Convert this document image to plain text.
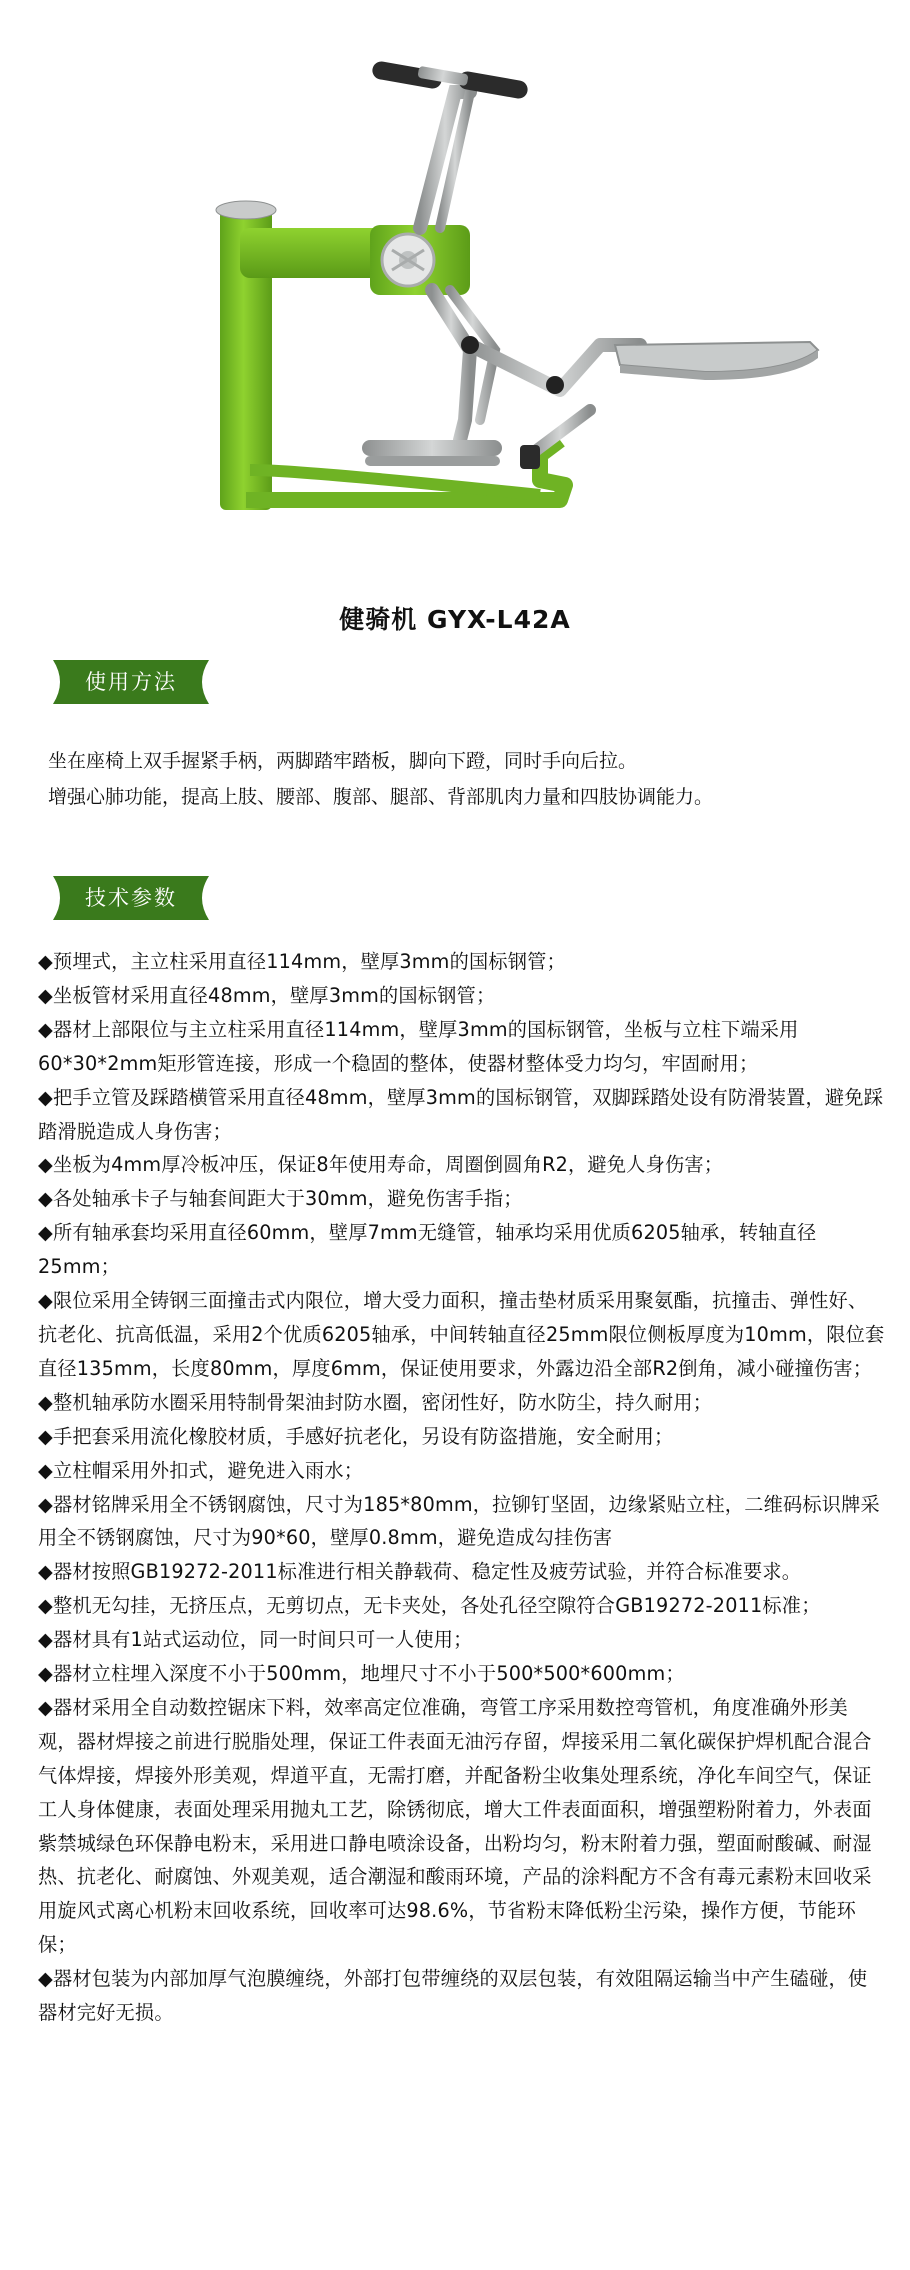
健骑机 GYX-L42A
使用方法

坐在座椅上双手握紧手柄，两脚踏牢踏板，脚向下蹬，同时手向后拉。

增强心肺功能，提高上肢、腰部、腹部、腿部、背部肌肉力量和四肢协调能力。

技术参数

◆预埋式，主立柱采用直径114mm，壁厚3mm的国标钢管；

◆坐板管材采用直径48mm，壁厚3mm的国标钢管；

◆器材上部限位与主立柱采用直径114mm，壁厚3mm的国标钢管，坐板与立柱下端采用60*30*2mm矩形管连接，形成一个稳固的整体，使器材整体受力均匀，牢固耐用；

◆把手立管及踩踏横管采用直径48mm，壁厚3mm的国标钢管，双脚踩踏处设有防滑装置，避免踩踏滑脱造成人身伤害；

◆坐板为4mm厚冷板冲压，保证8年使用寿命，周圈倒圆角R2，避免人身伤害；

◆各处轴承卡子与轴套间距大于30mm，避免伤害手指；

◆所有轴承套均采用直径60mm，壁厚7mm无缝管，轴承均采用优质6205轴承，转轴直径25mm；

◆限位采用全铸钢三面撞击式内限位，增大受力面积，撞击垫材质采用聚氨酯，抗撞击、弹性好、抗老化、抗高低温，采用2个优质6205轴承，中间转轴直径25mm限位侧板厚度为10mm，限位套直径135mm，长度80mm，厚度6mm，保证使用要求，外露边沿全部R2倒角，减小碰撞伤害；

◆整机轴承防水圈采用特制骨架油封防水圈，密闭性好，防水防尘，持久耐用；

◆手把套采用流化橡胶材质，手感好抗老化，另设有防盗措施，安全耐用；

◆立柱帽采用外扣式，避免进入雨水；

◆器材铭牌采用全不锈钢腐蚀，尺寸为185*80mm，拉铆钉坚固，边缘紧贴立柱，二维码标识牌采用全不锈钢腐蚀，尺寸为90*60，壁厚0.8mm，避免造成勾挂伤害

◆器材按照GB19272-2011标准进行相关静载荷、稳定性及疲劳试验，并符合标准要求。

◆整机无勾挂，无挤压点，无剪切点，无卡夹处，各处孔径空隙符合GB19272-2011标准；

◆器材具有1站式运动位，同一时间只可一人使用；

◆器材立柱埋入深度不小于500mm，地埋尺寸不小于500*500*600mm；

◆器材采用全自动数控锯床下料，效率高定位准确，弯管工序采用数控弯管机，角度准确外形美观，器材焊接之前进行脱脂处理，保证工件表面无油污存留，焊接采用二氧化碳保护焊机配合混合气体焊接，焊接外形美观，焊道平直，无需打磨，并配备粉尘收集处理系统，净化车间空气，保证工人身体健康，表面处理采用抛丸工艺，除锈彻底，增大工件表面面积，增强塑粉附着力，外表面紫禁城绿色环保静电粉末，采用进口静电喷涂设备，出粉均匀，粉末附着力强，塑面耐酸碱、耐湿热、抗老化、耐腐蚀、外观美观，适合潮湿和酸雨环境，产品的涂料配方不含有毒元素粉末回收采用旋风式离心机粉末回收系统，回收率可达98.6%，节省粉末降低粉尘污染，操作方便，节能环保；

◆器材包装为内部加厚气泡膜缠绕，外部打包带缠绕的双层包装，有效阻隔运输当中产生磕碰，使器材完好无损。
